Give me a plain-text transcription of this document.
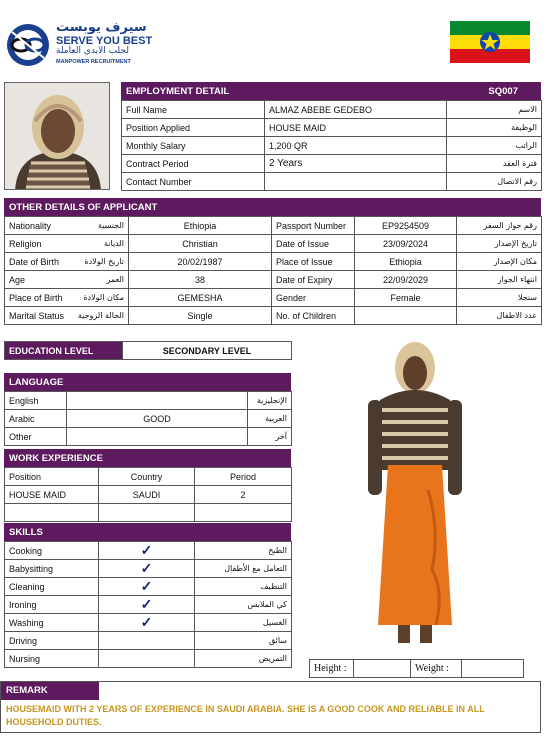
سيرف يوبست
SERVE YOU BEST
لجلب الايدي العاملة
MANPOWER RECRUITMENT
EMPLOYMENT DETAIL	SQ007
Full Name	ALMAZ ABEBE GEDEBO	الاسم
Position Applied	HOUSE MAID	الوظيفة
Monthly Salary	1,200 QR	الراتب
Contract Period	2 Years	فترة العقد
Contact Number		رقم الاتصال
OTHER DETAILS OF APPLICANT
Nationality	الجنسية	Ethiopia	Passport Number	EP9254509	رقم جواز السفر
Religion	الديانة	Christian	Date of Issue	23/09/2024	تاريخ الإصدار
Date of Birth	تاريخ الولادة	20/02/1987	Place of Issue	Ethiopia	مكان الإصدار
Age	العمر	38	Date of Expiry	22/09/2029	انتهاء الجواز
Place of Birth	مكان الولادة	GEMESHA	Gender	Female	سنجلا
Marital Status	الحالة الزوجية	Single	No. of Children		عدد الاطفال
EDUCATION LEVEL	SECONDARY LEVEL
LANGUAGE
English		الإنجليزية
Arabic	GOOD	العربية
Other		آخر
WORK EXPERIENCE
Position	Country	Period
HOUSE MAID	SAUDI	2

SKILLS
Cooking	✓	الطبخ
Babysitting	✓	التعامل مع الأطفال
Cleaning	✓	التنظيف
Ironing	✓	كي الملابس
Washing	✓	الغسيل
Driving		سائق
Nursing		التمريض
Height :		Weight :	
REMARK
HOUSEMAID WITH 2 YEARS OF EXPERIENCE IN SAUDI ARABIA. SHE IS A GOOD COOK AND RELIABLE IN ALL HOUSEHOLD DUTIES.
